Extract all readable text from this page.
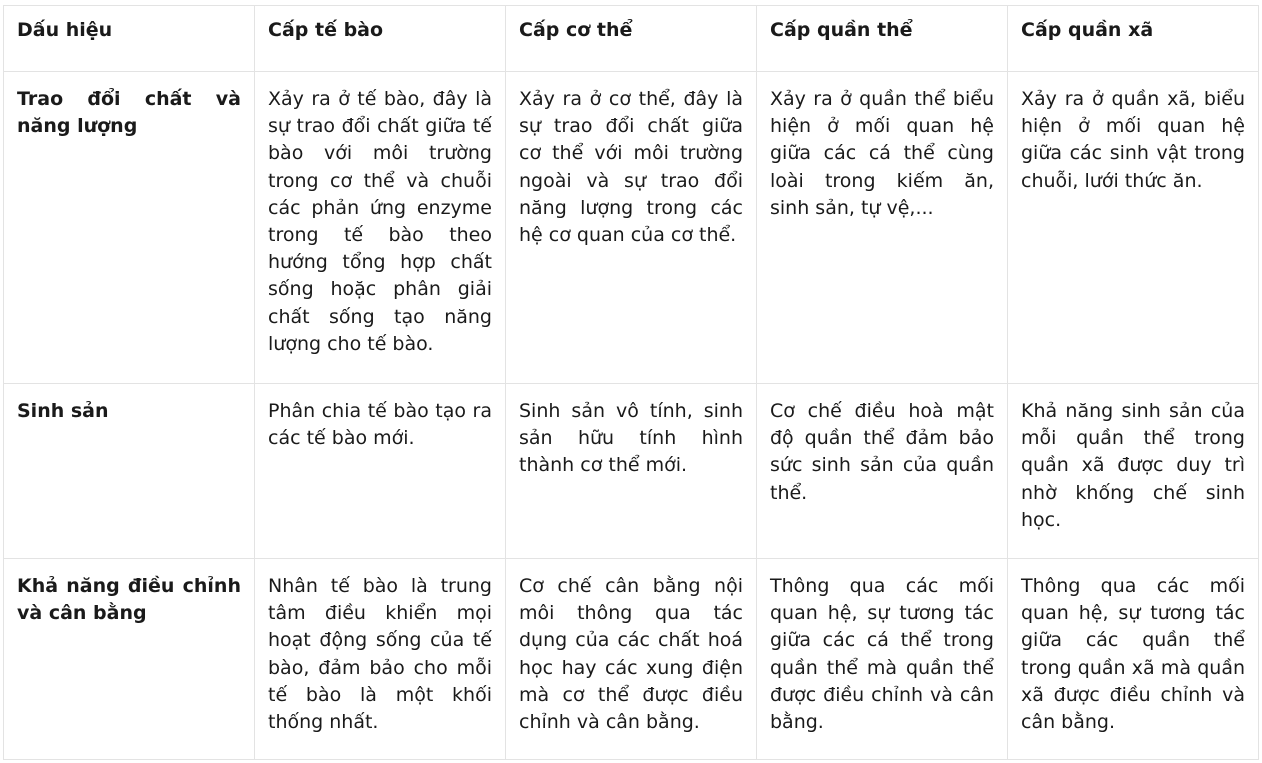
Dấu hiệu	Cấp tế bào	Cấp cơ thể	Cấp quần thể	Cấp quần xã
Trao đổi chất và năng lượng	Xảy ra ở tế bào, đây là sự trao đổi chất giữa tế bào với môi trường trong cơ thể và chuỗi các phản ứng enzyme trong tế bào theo hướng tổng hợp chất sống hoặc phân giải chất sống tạo năng lượng cho tế bào.	Xảy ra ở cơ thể, đây là sự trao đổi chất giữa cơ thể với môi trường ngoài và sự trao đổi năng lượng trong các hệ cơ quan của cơ thể.	Xảy ra ở quần thể biểu hiện ở mối quan hệ giữa các cá thể cùng loài trong kiếm ăn, sinh sản, tự vệ,...	Xảy ra ở quần xã, biểu hiện ở mối quan hệ giữa các sinh vật trong chuỗi, lưới thức ăn.
Sinh sản	Phân chia tế bào tạo ra các tế bào mới.	Sinh sản vô tính, sinh sản hữu tính hình thành cơ thể mới.	Cơ chế điều hoà mật độ quần thể đảm bảo sức sinh sản của quần thể.	Khả năng sinh sản của mỗi quần thể trong quần xã được duy trì nhờ khống chế sinh học.
Khả năng điều chỉnh và cân bằng	Nhân tế bào là trung tâm điều khiển mọi hoạt động sống của tế bào, đảm bảo cho mỗi tế bào là một khối thống nhất.	Cơ chế cân bằng nội môi thông qua tác dụng của các chất hoá học hay các xung điện mà cơ thể được điều chỉnh và cân bằng.	Thông qua các mối quan hệ, sự tương tác giữa các cá thể trong quần thể mà quần thể được điều chỉnh và cân bằng.	Thông qua các mối quan hệ, sự tương tác giữa các quần thể trong quần xã mà quần xã được điều chỉnh và cân bằng.
